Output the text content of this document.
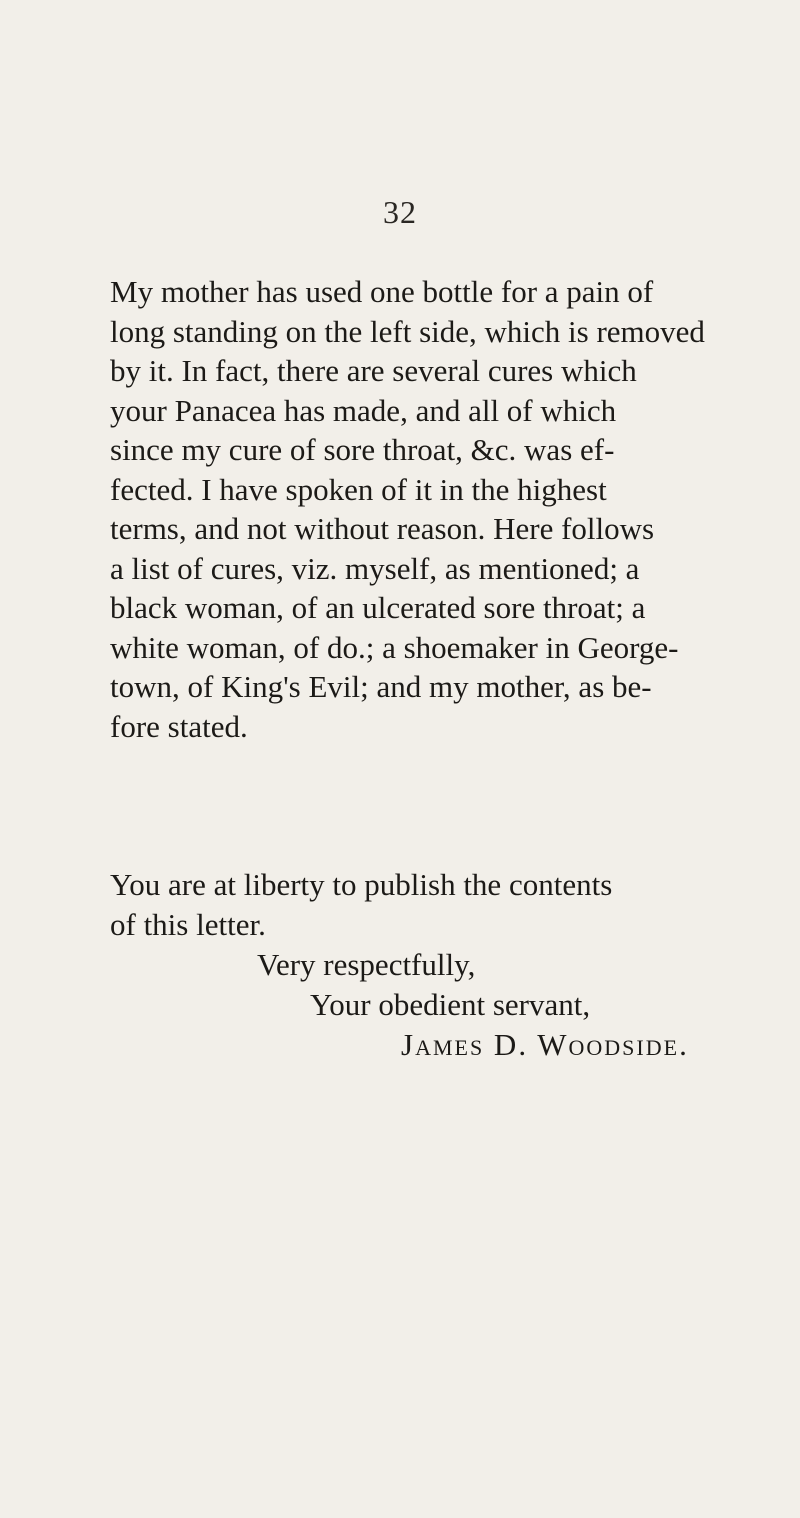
32
My mother has used one bottle for a pain of
long standing on the left side, which is removed
by it. In fact, there are several cures which
your Panacea has made, and all of which
since my cure of sore throat, &c. was ef-
fected. I have spoken of it in the highest
terms, and not without reason. Here follows
a list of cures, viz. myself, as mentioned; a
black woman, of an ulcerated sore throat; a
white woman, of do.; a shoemaker in George-
town, of King's Evil; and my mother, as be-
fore stated.
You are at liberty to publish the contents
of this letter.
Very respectfully,
Your obedient servant,
James D. Woodside.
